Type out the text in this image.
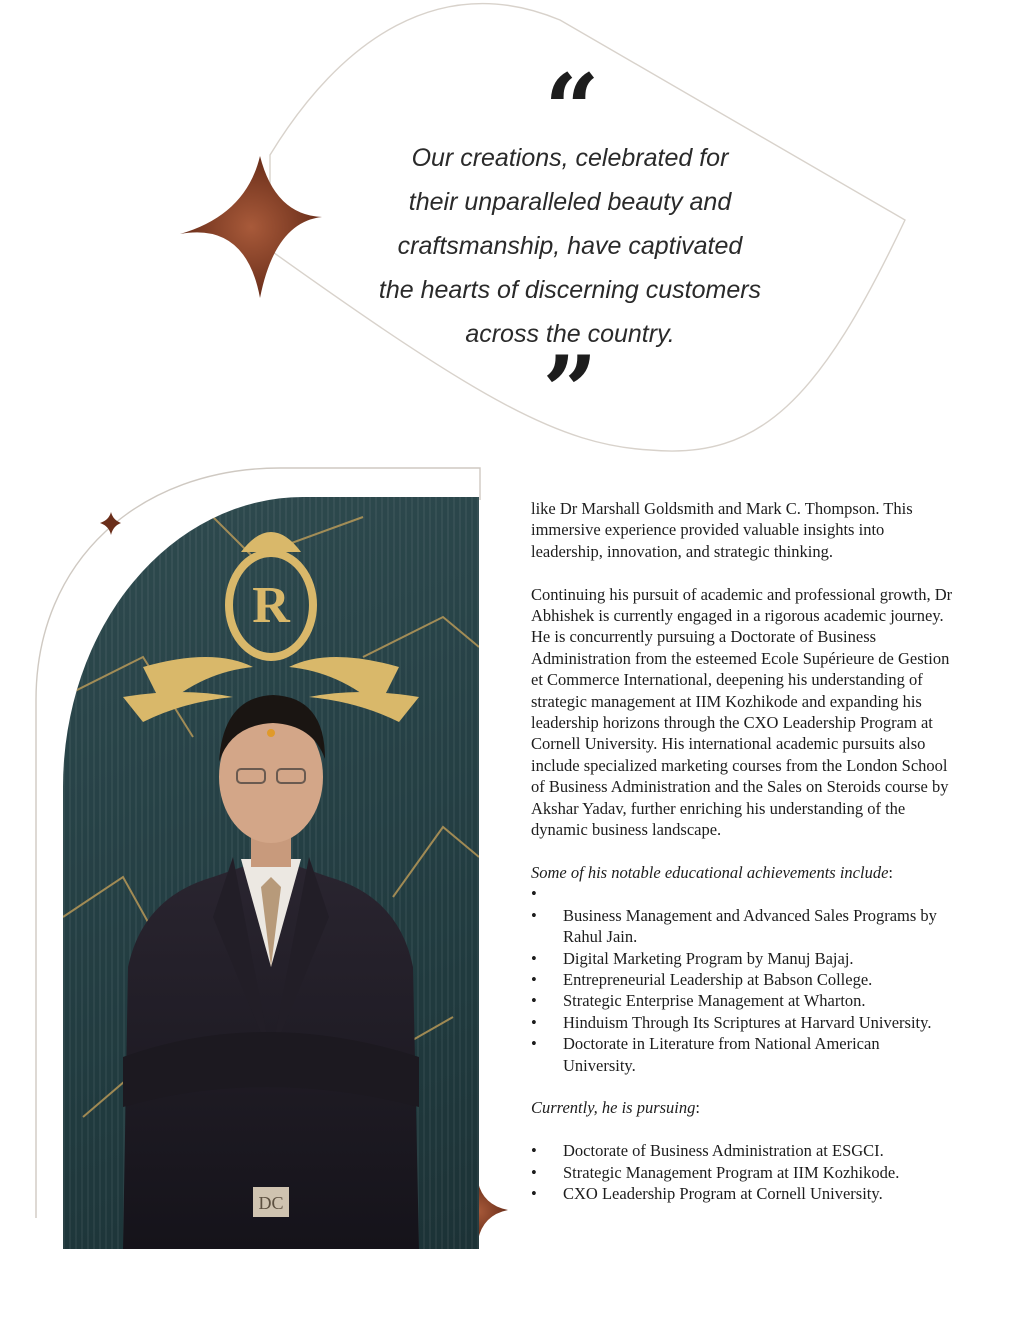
“
Our creations, celebrated for
their unparalleled beauty and
craftsmanship, have captivated
the hearts of discerning customers
across the country.
”
R
DC

like Dr Marshall Goldsmith and Mark C. Thompson. This immersive experience provided valuable insights into leadership, innovation, and strategic thinking.

Continuing his pursuit of academic and professional growth, Dr Abhishek is currently engaged in a rigorous academic journey. He is concurrently pursuing a Doctorate of Business Administration from the esteemed Ecole Supérieure de Gestion et Commerce International, deepening his understanding of strategic management at IIM Kozhikode and expanding his leadership horizons through the CXO Leadership Program at Cornell University. His international academic pursuits also include specialized marketing courses from the London School of Business Administration and the Sales on Steroids course by Akshar Yadav, further enriching his understanding of the dynamic business landscape.

Some of his notable educational achievements include:

•
• Business Management and Advanced Sales Programs by Rahul Jain.
• Digital Marketing Program by Manuj Bajaj.
• Entrepreneurial Leadership at Babson College.
• Strategic Enterprise Management at Wharton.
• Hinduism Through Its Scriptures at Harvard University.
• Doctorate in Literature from National American University.

Currently, he is pursuing:

• Doctorate of Business Administration at ESGCI.
• Strategic Management Program at IIM Kozhikode.
• CXO Leadership Program at Cornell University.
